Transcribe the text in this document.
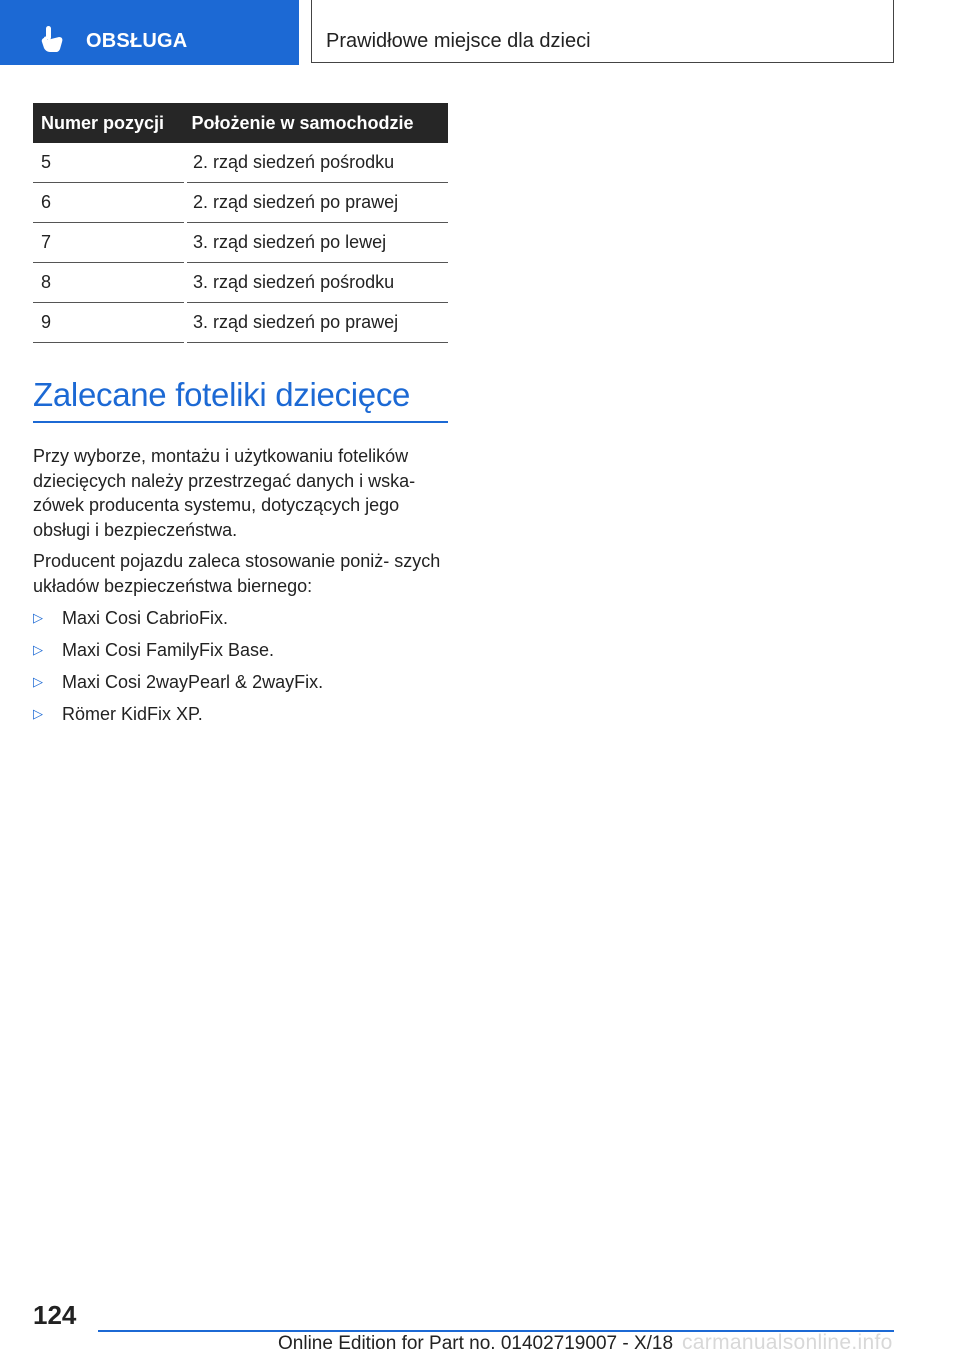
OBSŁUGA	Prawidłowe miejsce dla dzieci
Numer pozycji	Położenie w samochodzie
5	2. rząd siedzeń pośrodku
6	2. rząd siedzeń po prawej
7	3. rząd siedzeń po lewej
8	3. rząd siedzeń pośrodku
9	3. rząd siedzeń po prawej
Zalecane foteliki dziecięce

Przy wyborze, montażu i użytkowaniu fotelików dziecięcych należy przestrzegać danych i wska‐ zówek producenta systemu, dotyczących jego obsługi i bezpieczeństwa.

Producent pojazdu zaleca stosowanie poniż‐ szych układów bezpieczeństwa biernego:

▷	Maxi Cosi CabrioFix.
▷	Maxi Cosi FamilyFix Base.
▷	Maxi Cosi 2wayPearl & 2wayFix.
▷	Römer KidFix XP.
124
Online Edition for Part no. 01402719007 - X/18 carmanualsonline.info
